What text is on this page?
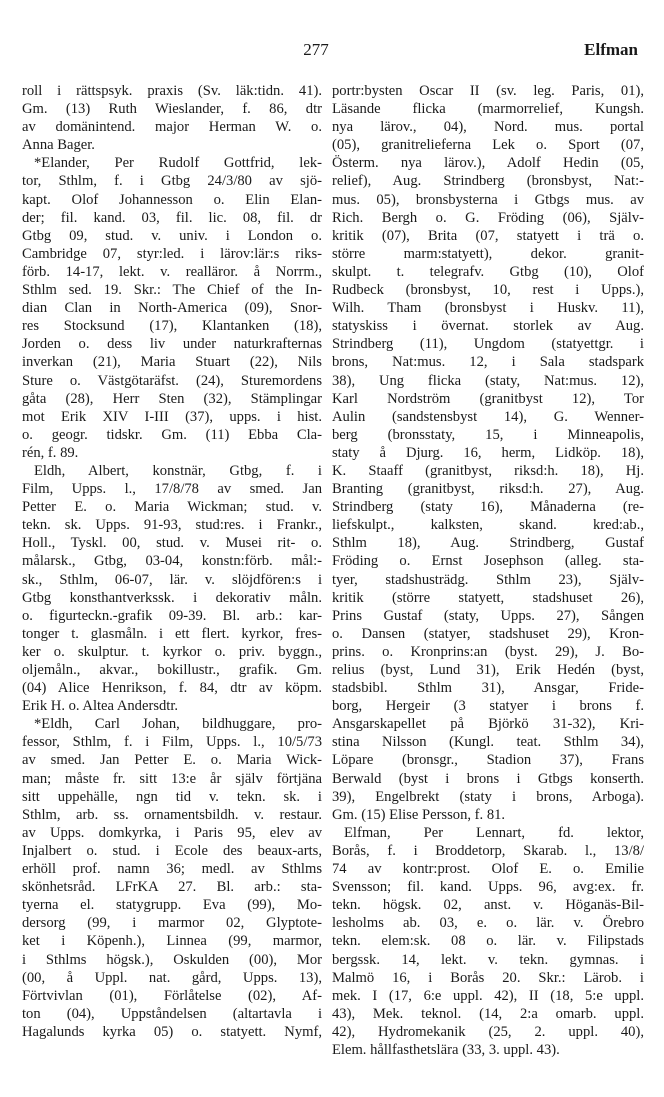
277	Elfman
roll i rättspsyk. praxis (Sv. läk:tidn. 41).
Gm. (13) Ruth Wieslander, f. 86, dtr
av domänintend. major Herman W. o.
Anna Bager.
*Elander, Per Rudolf Gottfrid, lek-
tor, Sthlm, f. i Gtbg 24/3/80 av sjö-
kapt. Olof Johannesson o. Elin Elan-
der; fil. kand. 03, fil. lic. 08, fil. dr
Gtbg 09, stud. v. univ. i London o.
Cambridge 07, styr:led. i lärov:lär:s riks-
förb. 14-17, lekt. v. realläror. å Norrm.,
Sthlm sed. 19. Skr.: The Chief of the In-
dian Clan in North-America (09), Snor-
res Stocksund (17), Klantanken (18),
Jorden o. dess liv under naturkrafternas
inverkan (21), Maria Stuart (22), Nils
Sture o. Västgötaräfst. (24), Sturemordens
gåta (28), Herr Sten (32), Stämplingar
mot Erik XIV I-III (37), upps. i hist.
o. geogr. tidskr. Gm. (11) Ebba Cla-
rén, f. 89.
Eldh, Albert, konstnär, Gtbg, f. i
Film, Upps. l., 17/8/78 av smed. Jan
Petter E. o. Maria Wickman; stud. v.
tekn. sk. Upps. 91-93, stud:res. i Frankr.,
Holl., Tyskl. 00, stud. v. Musei rit- o.
målarsk., Gtbg, 03-04, konstn:förb. mål:-
sk., Sthlm, 06-07, lär. v. slöjdfören:s i
Gtbg konsthantverkssk. i dekorativ måln.
o. figurteckn.-grafik 09-39. Bl. arb.: kar-
tonger t. glasmåln. i ett flert. kyrkor, fres-
ker o. skulptur. t. kyrkor o. priv. byggn.,
oljemåln., akvar., bokillustr., grafik. Gm.
(04) Alice Henrikson, f. 84, dtr av köpm.
Erik H. o. Altea Andersdtr.
*Eldh, Carl Johan, bildhuggare, pro-
fessor, Sthlm, f. i Film, Upps. l., 10/5/73
av smed. Jan Petter E. o. Maria Wick-
man; måste fr. sitt 13:e år själv förtjäna
sitt uppehälle, ngn tid v. tekn. sk. i
Sthlm, arb. ss. ornamentsbildh. v. restaur.
av Upps. domkyrka, i Paris 95, elev av
Injalbert o. stud. i Ecole des beaux-arts,
erhöll prof. namn 36; medl. av Sthlms
skönhetsråd. LFrKA 27. Bl. arb.: sta-
tyerna el. statygrupp. Eva (99), Mo-
dersorg (99, i marmor 02, Glyptote-
ket i Köpenh.), Linnea (99, marmor,
i Sthlms högsk.), Oskulden (00), Mor
(00, å Uppl. nat. gård, Upps. 13),
Förtvivlan (01), Förlåtelse (02), Af-
ton (04), Uppståndelsen (altartavla i
Hagalunds kyrka 05) o. statyett. Nymf,
portr:bysten Oscar II (sv. leg. Paris, 01),
Läsande flicka (marmorrelief, Kungsh.
nya lärov., 04), Nord. mus. portal
(05), granitrelieferna Lek o. Sport (07,
Österm. nya lärov.), Adolf Hedin (05,
relief), Aug. Strindberg (bronsbyst, Nat:-
mus. 05), bronsbysterna i Gtbgs mus. av
Rich. Bergh o. G. Fröding (06), Själv-
kritik (07), Brita (07, statyett i trä o.
större marm:statyett), dekor. granit-
skulpt. t. telegrafv. Gtbg (10), Olof
Rudbeck (bronsbyst, 10, rest i Upps.),
Wilh. Tham (bronsbyst i Huskv. 11),
statyskiss i övernat. storlek av Aug.
Strindberg (11), Ungdom (statyettgr. i
brons, Nat:mus. 12, i Sala stadspark
38), Ung flicka (staty, Nat:mus. 12),
Karl Nordström (granitbyst 12), Tor
Aulin (sandstensbyst 14), G. Wenner-
berg (bronsstaty, 15, i Minneapolis,
staty å Djurg. 16, herm, Lidköp. 18),
K. Staaff (granitbyst, riksd:h. 18), Hj.
Branting (granitbyst, riksd:h. 27), Aug.
Strindberg (staty 16), Månaderna (re-
liefskulpt., kalksten, skand. kred:ab.,
Sthlm 18), Aug. Strindberg, Gustaf
Fröding o. Ernst Josephson (alleg. sta-
tyer, stadshusträdg. Sthlm 23), Själv-
kritik (större statyett, stadshuset 26),
Prins Gustaf (staty, Upps. 27), Sången
o. Dansen (statyer, stadshuset 29), Kron-
prins. o. Kronprins:an (byst. 29), J. Bo-
relius (byst, Lund 31), Erik Hedén (byst,
stadsbibl. Sthlm 31), Ansgar, Fride-
borg, Hergeir (3 statyer i brons f.
Ansgarskapellet på Björkö 31-32), Kri-
stina Nilsson (Kungl. teat. Sthlm 34),
Löpare (bronsgr., Stadion 37), Frans
Berwald (byst i brons i Gtbgs konserth.
39), Engelbrekt (staty i brons, Arboga).
Gm. (15) Elise Persson, f. 81.
Elfman, Per Lennart, fd. lektor,
Borås, f. i Broddetorp, Skarab. l., 13/8/
74 av kontr:prost. Olof E. o. Emilie
Svensson; fil. kand. Upps. 96, avg:ex. fr.
tekn. högsk. 02, anst. v. Höganäs-Bil-
lesholms ab. 03, e. o. lär. v. Örebro
tekn. elem:sk. 08 o. lär. v. Filipstads
bergssk. 14, lekt. v. tekn. gymnas. i
Malmö 16, i Borås 20. Skr.: Lärob. i
mek. I (17, 6:e uppl. 42), II (18, 5:e uppl.
43), Mek. teknol. (14, 2:a omarb. uppl.
42), Hydromekanik (25, 2. uppl. 40),
Elem. hållfasthetslära (33, 3. uppl. 43).
